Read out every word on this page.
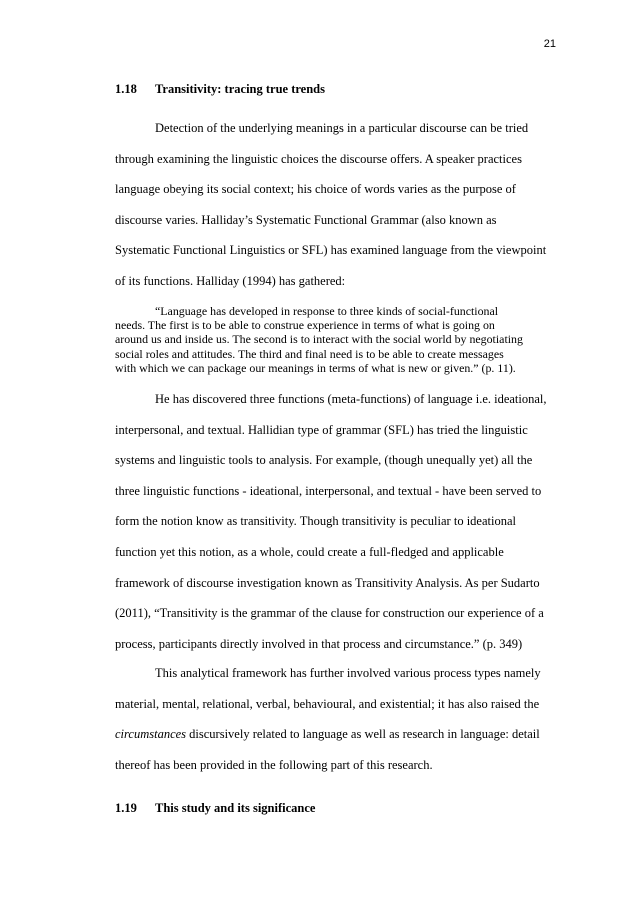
21
1.18 Transitivity: tracing true trends
Detection of the underlying meanings in a particular discourse can be tried
through examining the linguistic choices the discourse offers. A speaker practices
language obeying its social context; his choice of words varies as the purpose of
discourse varies. Halliday’s Systematic Functional Grammar (also known as
Systematic Functional Linguistics or SFL) has examined language from the viewpoint
of its functions. Halliday (1994) has gathered:
“Language has developed in response to three kinds of social-functional
needs. The first is to be able to construe experience in terms of what is going on
around us and inside us. The second is to interact with the social world by negotiating
social roles and attitudes. The third and final need is to be able to create messages
with which we can package our meanings in terms of what is new or given.” (p. 11).
He has discovered three functions (meta-functions) of language i.e. ideational,
interpersonal, and textual. Hallidian type of grammar (SFL) has tried the linguistic
systems and linguistic tools to analysis. For example, (though unequally yet) all the
three linguistic functions - ideational, interpersonal, and textual - have been served to
form the notion know as transitivity. Though transitivity is peculiar to ideational
function yet this notion, as a whole, could create a full-fledged and applicable
framework of discourse investigation known as Transitivity Analysis. As per Sudarto
(2011), “Transitivity is the grammar of the clause for construction our experience of a
process, participants directly involved in that process and circumstance.” (p. 349)
This analytical framework has further involved various process types namely
material, mental, relational, verbal, behavioural, and existential; it has also raised the
circumstances discursively related to language as well as research in language: detail
thereof has been provided in the following part of this research.
1.19 This study and its significance
